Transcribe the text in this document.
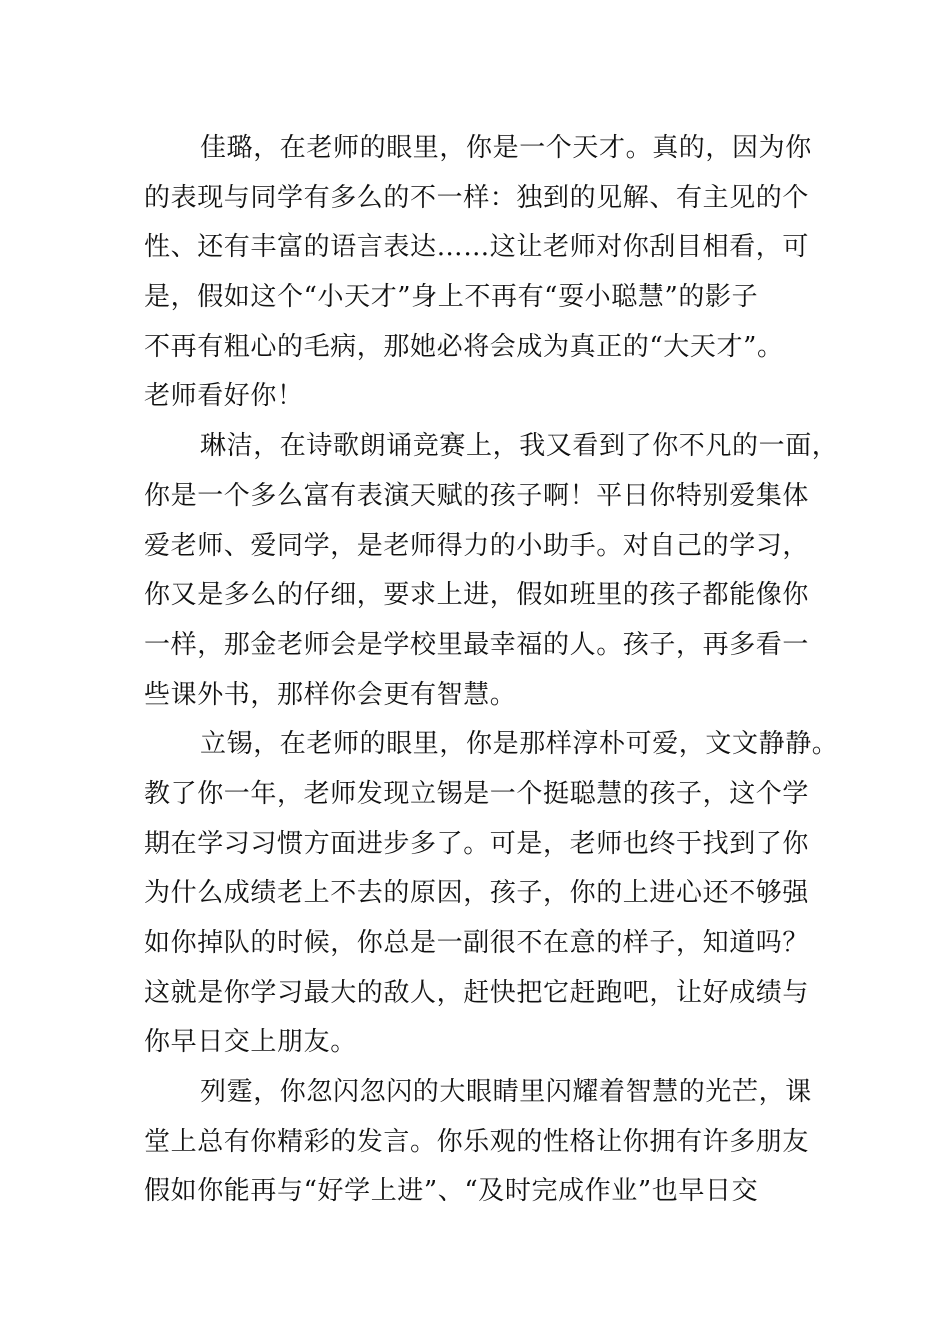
佳璐，在老师的眼里，你是一个天才。真的，因为你
的表现与同学有多么的不一样：独到的见解、有主见的个
性、还有丰富的语言表达……这让老师对你刮目相看，可
是，假如这个“小天才”身上不再有“耍小聪慧”的影子
不再有粗心的毛病，那她必将会成为真正的“大天才”。
老师看好你！
琳洁，在诗歌朗诵竞赛上，我又看到了你不凡的一面，
你是一个多么富有表演天赋的孩子啊！平日你特别爱集体
爱老师、爱同学，是老师得力的小助手。对自己的学习，
你又是多么的仔细，要求上进，假如班里的孩子都能像你
一样，那金老师会是学校里最幸福的人。孩子，再多看一
些课外书，那样你会更有智慧。
立锡，在老师的眼里，你是那样淳朴可爱，文文静静。
教了你一年，老师发现立锡是一个挺聪慧的孩子，这个学
期在学习习惯方面进步多了。可是，老师也终于找到了你
为什么成绩老上不去的原因，孩子，你的上进心还不够强
如你掉队的时候，你总是一副很不在意的样子，知道吗？
这就是你学习最大的敌人，赶快把它赶跑吧，让好成绩与
你早日交上朋友。
列霆，你忽闪忽闪的大眼睛里闪耀着智慧的光芒，课
堂上总有你精彩的发言。你乐观的性格让你拥有许多朋友
假如你能再与“好学上进”、“及时完成作业”也早日交
